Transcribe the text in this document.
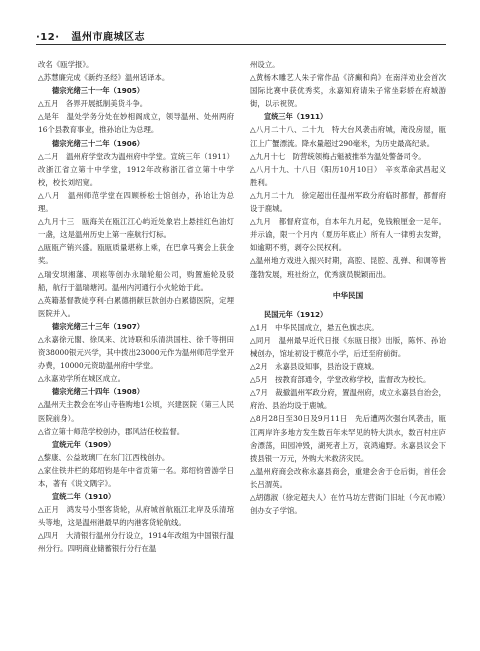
·12· 温州市鹿城区志

改名《瓯学报》。

△苏慧廉完成《新约圣经》温州话译本。

德宗光绪三十一年（1905）

△五月　各界开展抵制美货斗争。

△是年　温处学务分处在妙相阁成立，领导温州、处州两府16个县教育事业，推孙诒让为总理。

德宗光绪三十二年（1906）

△二月　温州府学堂改为温州府中学堂。宣统三年（1911）改浙江省立第十中学堂，1912年改称浙江省立第十中学校，校长刘绍宽。

△八月　温州师范学堂在四顾桥松士馆创办，孙诒让为总理。

△九月十三　瓯海关在瓯江江心屿近处象岩上悬挂红色油灯一盏，这是温州历史上第一座航行灯标。

△瓯瓯产销兴盛。瓯瓯质量堪称上乘，在巴拿马赛会上获金奖。

△瑞安坝湘藩、项崧等创办永瑞轮船公司，购置施轮及驳船，航行于温瑞塘河。温州内河通行小火轮始于此。

△英籍基督教徒亨利·白累德捐献巨款创办白累德医院，定埋医院并入。

德宗光绪三十三年（1907）

△永嘉徐元閣、徐凤来、沈诗联和乐清洪国柱、徐千等捐田资38000银元兴学，其中拨出23000元作为温州师范学堂开办费，10000元资助温州府中学堂。

△永嘉劝学所在城区成立。

德宗光绪三十四年（1908）

△温州天主教会在岑山寺巷购地1公顷，兴建医院（第三人民医院前身）。

△省立第十师范学校创办，郡风洁任校监督。

宣统元年（1909）

△黎康、公益玻璃厂在东门江西栈创办。

△家住铁井栏的郑绍钧是年中省贡第一名。郑绍钧曾游学日本，著有《说文隅字》。

宣统二年（1910）

△正月　鸿发号小型客货轮，从府城首航瓯江北岸及乐清琯头等地，这是温州港最早的内港客货轮航线。

△四月　大清银行温州分行设立，1914年改组为中国银行温州分行。四明商业储蓄银行分行在温

州设立。

△黄杨木雕艺人朱子常作品《济癫和尚》在南洋劝业会首次国际比赛中获优秀奖，永嘉知府请朱子常坐彩轿在府城游街，以示祝贺。

宣统三年（1911）

△八月二十八、二十九　特大台风袭击府城，淹没房屋，瓯江上广蟹漂流。降水量超过290毫米，为历史最高纪录。

△九月十七　防营统领梅占魁被推举为温处警备司令。

△八月十九、十八日（阳历10月10日）　辛亥革命武昌起义胜利。

△九月二十九　徐定超出任温州军政分府临时都督，都督府设于鹿城。

△九月　都督府宣布，自本年九月起，免钱粮厘金一足年。并示谕，限一个月内（夏历年底止）所有人一律剪去发辫，如逾期不剪，剥夺公民权利。

△温州地方戏进入振兴时期，高腔、昆腔、乱弹、和调等皆蓬勃发展，班社纷立，优秀演员脱颖而出。

中华民国

民国元年（1912）

△1月　中华民国成立，悬五色旗志庆。

△同月　温州最早近代日报《东瓯日报》出版，陈怀、孙诒械创办，馆址初设于模范小学，后迁至府前街。

△2月　永嘉县设知事，县治设于鹿城。

△5月　按教育部通令，学堂改称学校，监督改为校长。

△7月　裁撤温州军政分府，置温州府，成立永嘉县自治会，府治、县治均设于鹿城。

△8月28日至30日及9月11日　先后遭两次强台风袭击，瓯江两岸许多地方发生数百年未罕见的特大洪水，数百村庄庐舍漂荡，田园冲毁，湖死者上万，哀鸿遍野。永嘉县议会下拨县银一万元，外购大米救济灾民。

△温州府商会改称永嘉县商会，重建会舍于仓后街，首任会长吕渭英。

△胡德淑（徐定超夫人）在竹马坊左营衙门旧址（今瓦市殿）创办女子学馆。
